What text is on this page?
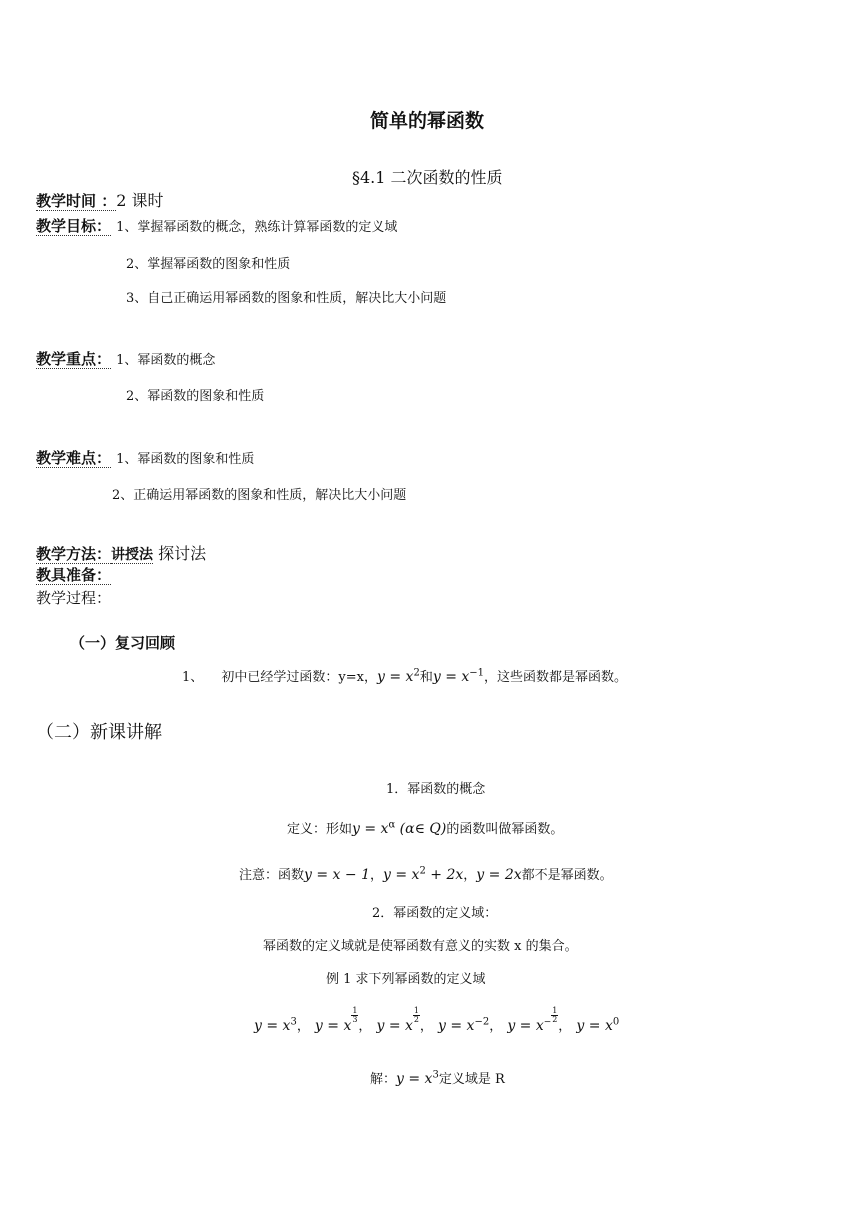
简单的幂函数
§4.1 二次函数的性质
教学时间 ：2 课时
教学目标： 1、掌握幂函数的概念，熟练计算幂函数的定义域
2、掌握幂函数的图象和性质
3、自己正确运用幂函数的图象和性质，解决比大小问题
教学重点： 1、幂函数的概念
2、幂函数的图象和性质
教学难点： 1、幂函数的图象和性质
2、正确运用幂函数的图象和性质，解决比大小问题
教学方法：讲授法 探讨法
教具准备：
教学过程：
（一）复习回顾
1、 初中已经学过函数：y=x，$y = x^2$和$y = x^{-1}$，这些函数都是幂函数。
（二）新课讲解
1．幂函数的概念
定义：形如$y = x^\alpha$ (α∈ Q)的函数叫做幂函数。
注意：函数y = x − 1，$y = x^2 + 2x$，y = 2x都不是幂函数。
2．幂函数的定义域：
幂函数的定义域就是使幂函数有意义的实数 x 的集合。
例 1 求下列幂函数的定义域
$y = x^3$， y = x
$\frac{1}{3}$
， y = x
$\frac{1}{2}$
， $y = x^{-2}$， $y = x^- \frac{1}{2}$
， $y = x^0$
解：$y = x^3$定义域是 R
